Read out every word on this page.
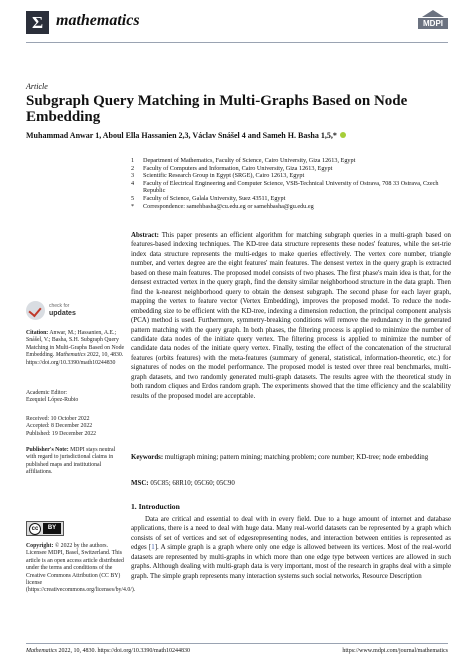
Σ mathematics	MDPI
Article
Subgraph Query Matching in Multi-Graphs Based on Node Embedding
Muhammad Anwar 1, Aboul Ella Hassanien 2,3, Václav Snášel 4 and Sameh H. Basha 1,5,*
1 Department of Mathematics, Faculty of Science, Cairo University, Giza 12613, Egypt
2 Faculty of Computers and Information, Cairo University, Giza 12613, Egypt
3 Scientific Research Group in Egypt (SRGE), Cairo 12613, Egypt
4 Faculty of Electrical Engineering and Computer Science, VSB-Technical University of Ostrava, 708 33 Ostrava, Czech Republic
5 Faculty of Science, Galala University, Suez 43511, Egypt
* Correspondence: samehbasha@cu.edu.eg or samehbasha@gu.edu.eg
Abstract: This paper presents an efficient algorithm for matching subgraph queries in a multi-graph based on features-based indexing techniques. The KD-tree data structure represents these nodes' features, while the set-trie index data structure represents the multi-edges to make queries effectively. The vertex core number, triangle number, and vertex degree are the eight features' main features. The densest vertex in the query graph is extracted based on these main features. The proposed model consists of two phases. The first phase's main idea is that, for the densest extracted vertex in the query graph, find the density similar neighborhood structure in the data graph. Then find the k-nearest neighborhood query to obtain the densest subgraph. The second phase for each layer graph, mapping the vertex to feature vector (Vertex Embedding), improves the proposed model. To reduce the node-embedding size to be efficient with the KD-tree, indexing a dimension reduction, the principal component analysis (PCA) method is used. Furthermore, symmetry-breaking conditions will remove the redundancy in the generated pattern matching with the query graph. In both phases, the filtering process is applied to minimize the number of candidate data nodes of the initiate query vertex. The filtering process is applied to minimize the number of candidate data nodes of the initiate query vertex. Finally, testing the effect of the concatenation of the structural features (orbits features) with the meta-features (summary of general, statistical, information-theoretic, etc.) for signatures of nodes on the model performance. The proposed model is tested over three real benchmarks, multi-graph datasets, and two randomly generated multi-graph datasets. The results agree with the theoretical study in both random cliques and Erdos random graph. The experiments showed that the time efficiency and the scalability results of the proposed model are acceptable.
Keywords: multigraph mining; pattern mining; matching problem; core number; KD-tree; node embedding
MSC: 05C85; 68R10; 05C60; 05C90
1. Introduction
Data are critical and essential to deal with in every field. Due to a huge amount of internet and database applications, there is a need to deal with huge data. Many real-world datasets can be represented by a graph which consists of set of vertices and set of edgesrepresenting nodes, and interaction between entities is represented as edges [1]. A simple graph is a graph where only one edge is allowed between its vertices. Most of the real-world datasets are represented by multi-graphs in which more than one edge type between vertices are allowed in such graphs. Although dealing with multi-graph data is very important, most of the research in graphs deal with a simple graph. The simple graph represents many interaction systems such social networks, Resource Description
check for
updates
Citation: Anwar, M.; Hassanien, A.E.; Snášel, V.; Basha, S.H. Subgraph Query Matching in Multi-Graphs Based on Node Embedding. Mathematics 2022, 10, 4830. https://doi.org/10.3390/math10244830
Academic Editor:
Ezequiel López-Rubio
Received: 10 October 2022
Accepted: 8 December 2022
Published: 19 December 2022
Publisher's Note: MDPI stays neutral with regard to jurisdictional claims in published maps and institutional affiliations.
cc	BY
Copyright: © 2022 by the authors. Licensee MDPI, Basel, Switzerland. This article is an open access article distributed under the terms and conditions of the Creative Commons Attribution (CC BY) license (https://creativecommons.org/licenses/by/4.0/).
Mathematics 2022, 10, 4830. https://doi.org/10.3390/math10244830	https://www.mdpi.com/journal/mathematics
